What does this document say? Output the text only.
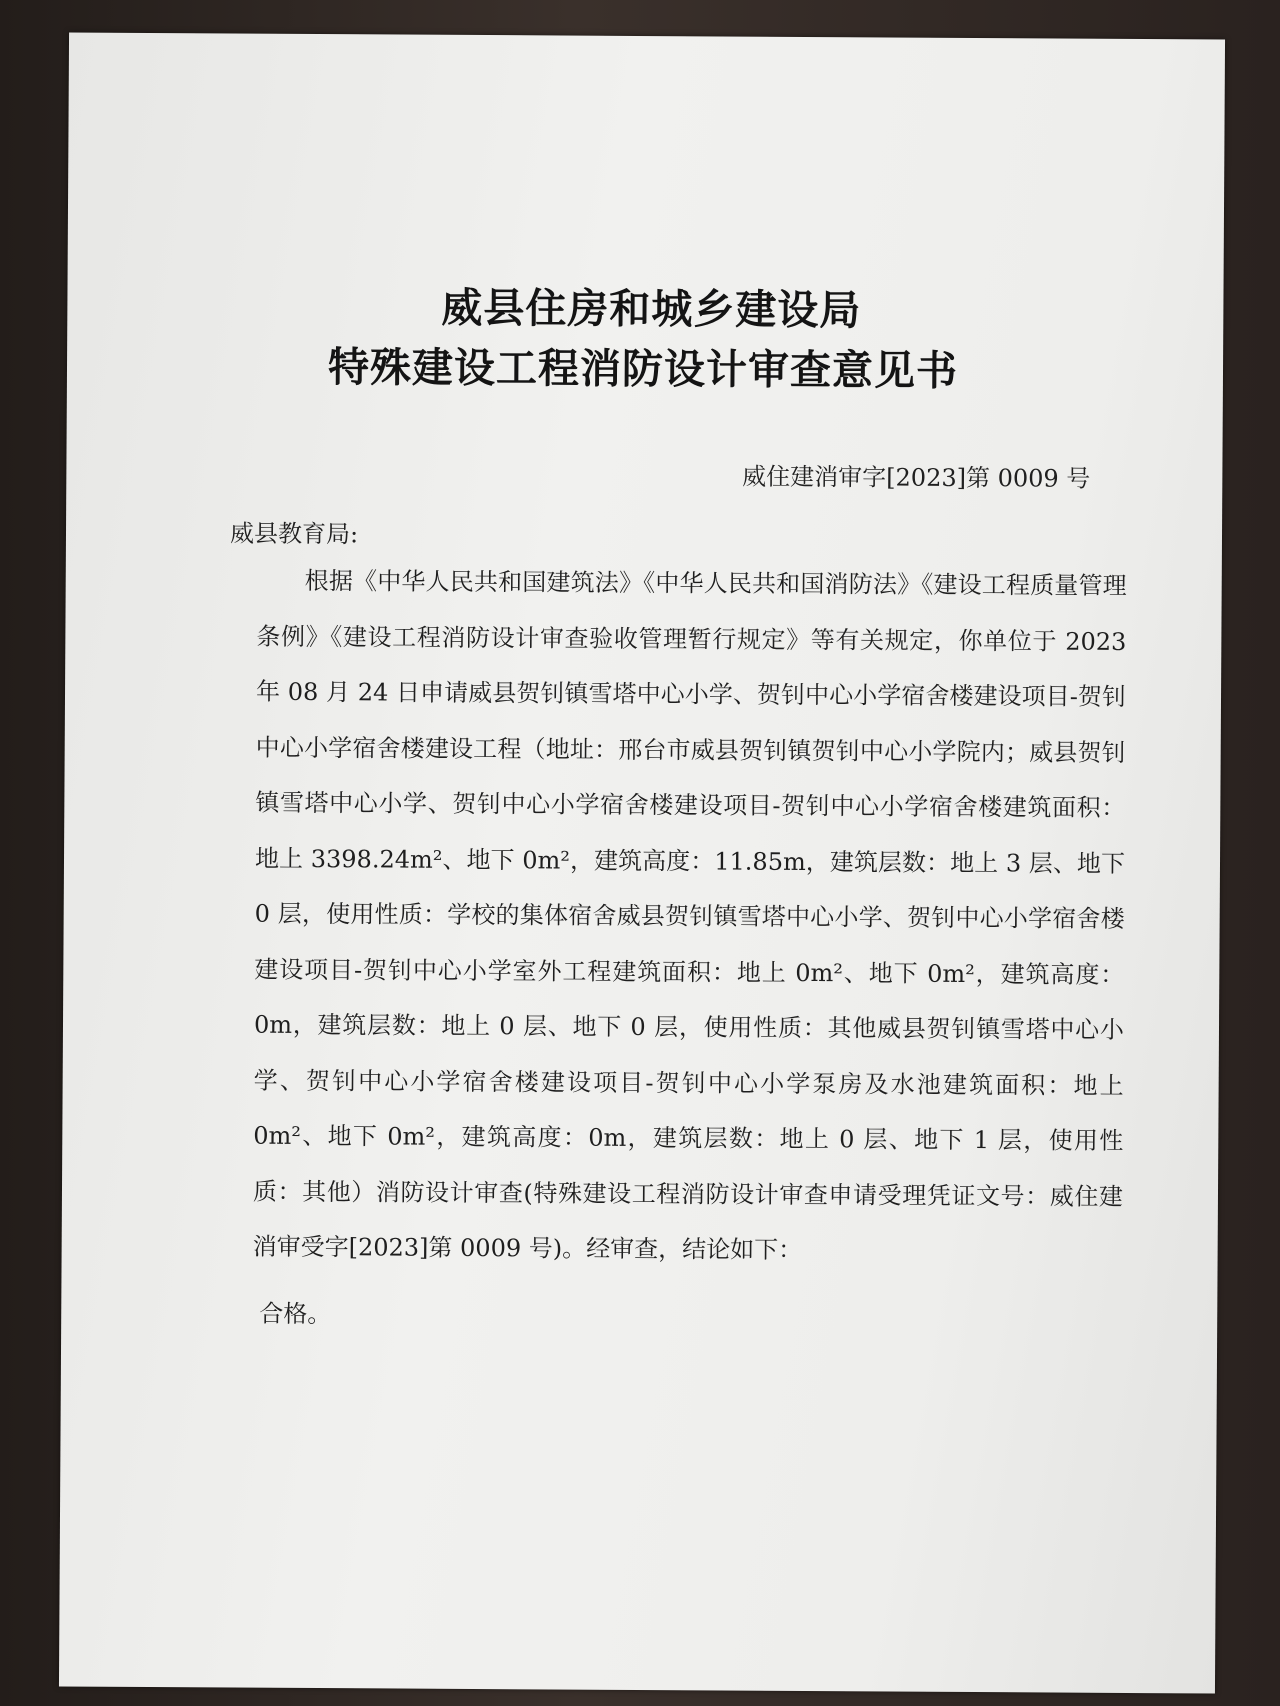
威县住房和城乡建设局
特殊建设工程消防设计审查意见书
威住建消审字[2023]第 0009 号
威县教育局:

根据《中华人民共和国建筑法》《中华人民共和国消防法》《建设工程质量管理条例》《建设工程消防设计审查验收管理暂行规定》等有关规定，你单位于 2023 年 08 月 24 日申请威县贺钊镇雪塔中心小学、贺钊中心小学宿舍楼建设项目-贺钊中心小学宿舍楼建设工程（地址：邢台市威县贺钊镇贺钊中心小学院内；威县贺钊镇雪塔中心小学、贺钊中心小学宿舍楼建设项目-贺钊中心小学宿舍楼建筑面积：地上 3398.24m²、地下 0m²，建筑高度：11.85m，建筑层数：地上 3 层、地下 0 层，使用性质：学校的集体宿舍威县贺钊镇雪塔中心小学、贺钊中心小学宿舍楼建设项目-贺钊中心小学室外工程建筑面积：地上 0m²、地下 0m²，建筑高度：0m，建筑层数：地上 0 层、地下 0 层，使用性质：其他威县贺钊镇雪塔中心小学、贺钊中心小学宿舍楼建设项目-贺钊中心小学泵房及水池建筑面积：地上 0m²、地下 0m²，建筑高度：0m，建筑层数：地上 0 层、地下 1 层，使用性质：其他）消防设计审查(特殊建设工程消防设计审查申请受理凭证文号：威住建消审受字[2023]第 0009 号)。经审查，结论如下：

合格。
